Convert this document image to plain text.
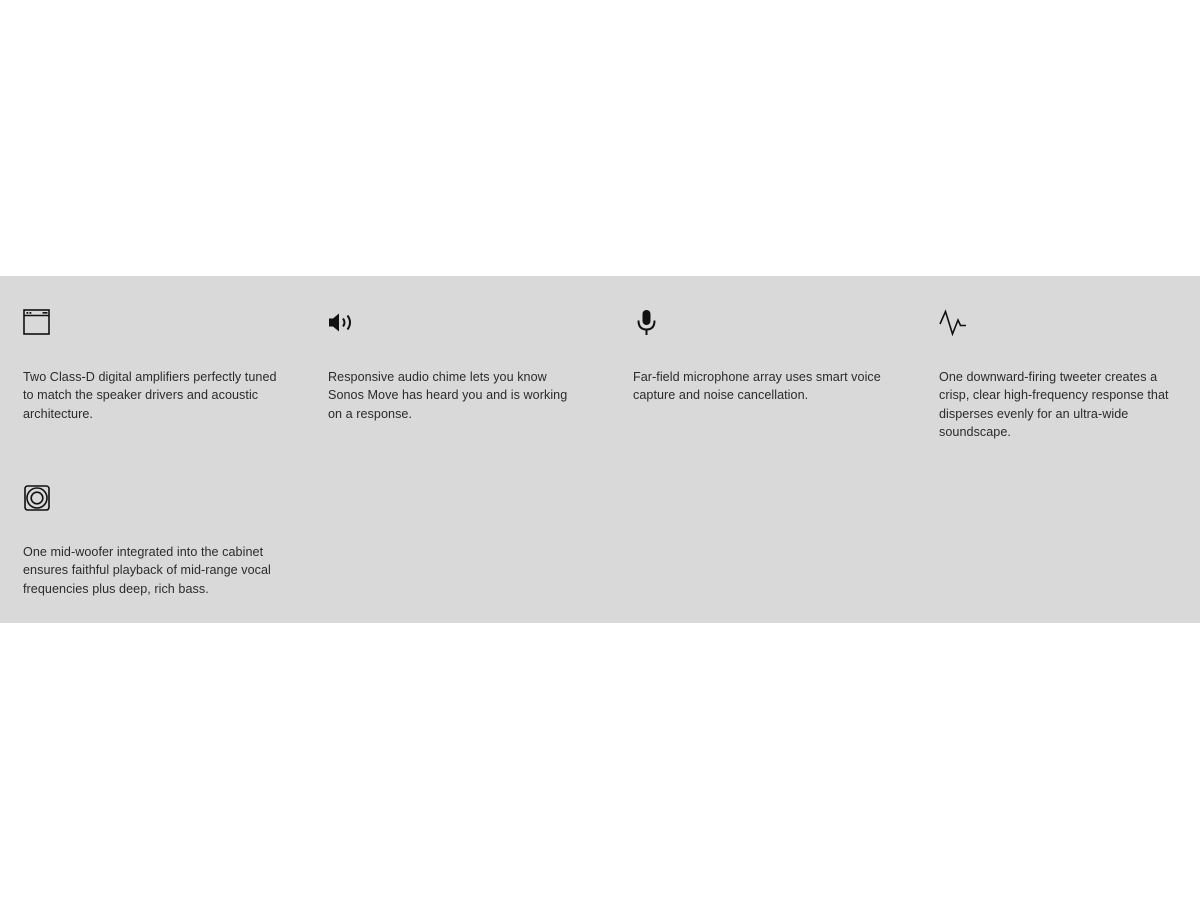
Two Class-D digital amplifiers perfectly tuned to match the speaker drivers and acoustic architecture.

Responsive audio chime lets you know Sonos Move has heard you and is working on a response.

Far-field microphone array uses smart voice capture and noise cancellation.

One downward-firing tweeter creates a crisp, clear high-frequency response that disperses evenly for an ultra-wide soundscape.

One mid-woofer integrated into the cabinet ensures faithful playback of mid-range vocal frequencies plus deep, rich bass.
